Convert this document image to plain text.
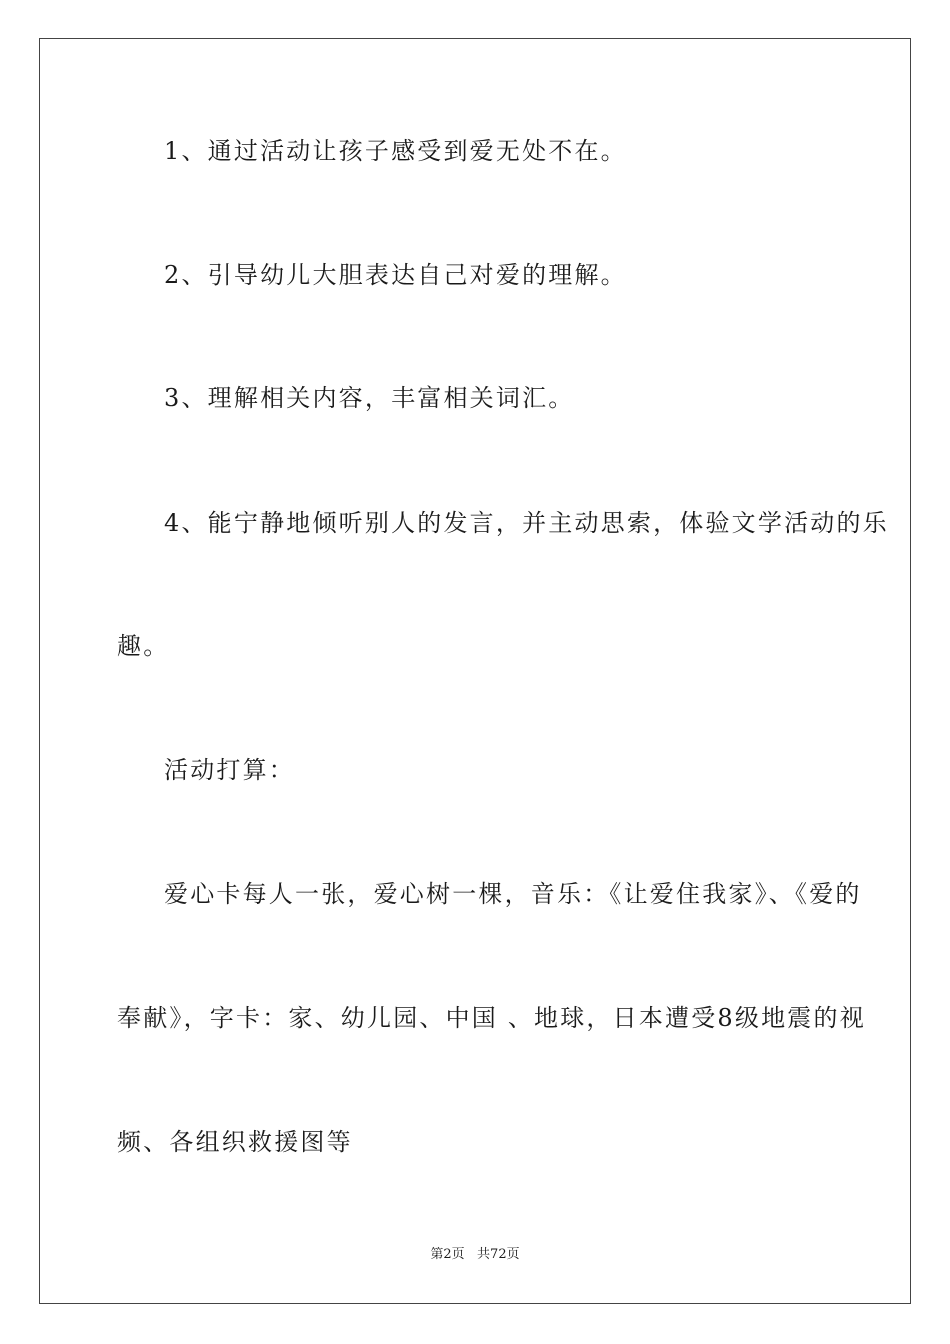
1、通过活动让孩子感受到爱无处不在。
2、引导幼儿大胆表达自己对爱的理解。
3、理解相关内容，丰富相关词汇。
4、能宁静地倾听别人的发言，并主动思索，体验文学活动的乐
趣。
活动打算：
爱心卡每人一张，爱心树一棵，音乐：《让爱住我家》、《爱的
奉献》，字卡：家、幼儿园、中国 、地球，日本遭受8级地震的视
频、各组织救援图等
第2页   共72页
